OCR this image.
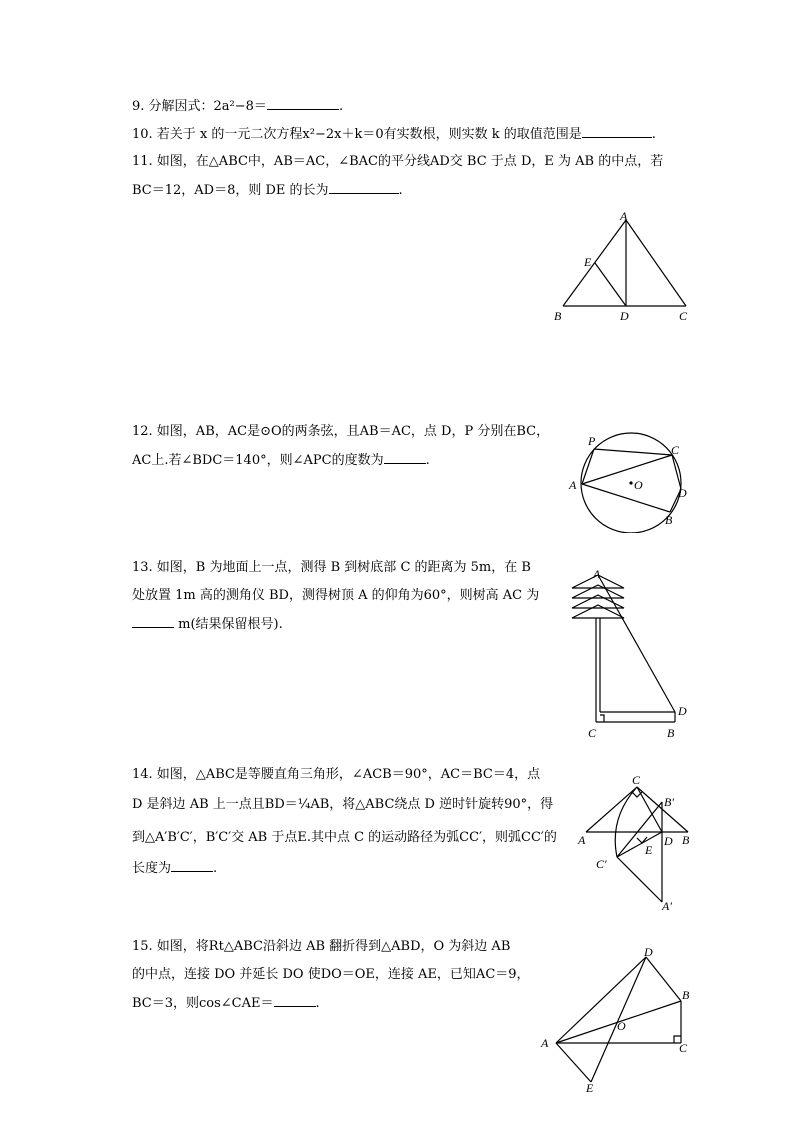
9. 分解因式：2a²−8＝	.
10. 若关于 x 的一元二次方程x²−2x＋k＝0有实数根，则实数 k 的取值范围是	.
11. 如图，在△ABC中，AB＝AC，∠BAC的平分线AD交 BC 于点 D，E 为 AB 的中点，若
BC＝12，AD＝8，则 DE 的长为	.
A
E
B	D	C
12. 如图，AB，AC是⊙O的两条弦，且AB＝AC，点 D，P 分别在BC，
AC上.若∠BDC＝140°，则∠APC的度数为	.
P
C
A	O
D
B
13. 如图，B 为地面上一点，测得 B 到树底部 C 的距离为 5m，在 B
处放置 1m 高的测角仪 BD，测得树顶 A 的仰角为60°，则树高 AC 为
m(结果保留根号).
A
D
C	B
14. 如图，△ABC是等腰直角三角形，∠ACB＝90°，AC＝BC＝4，点
D 是斜边 AB 上一点且BD＝¼AB，将△ABC绕点 D 逆时针旋转90°，得
到△A′B′C′，B′C′交 AB 于点E.其中点 C 的运动路径为弧CC′，则弧CC′的
长度为	.
C
B′
A	D B
E
C′
A′
15. 如图，将Rt△ABC沿斜边 AB 翻折得到△ABD，O 为斜边 AB
的中点，连接 DO 并延长 DO 使DO＝OE，连接 AE，已知AC＝9，
BC＝3，则cos∠CAE＝	.
D
B
O
A	C
E
